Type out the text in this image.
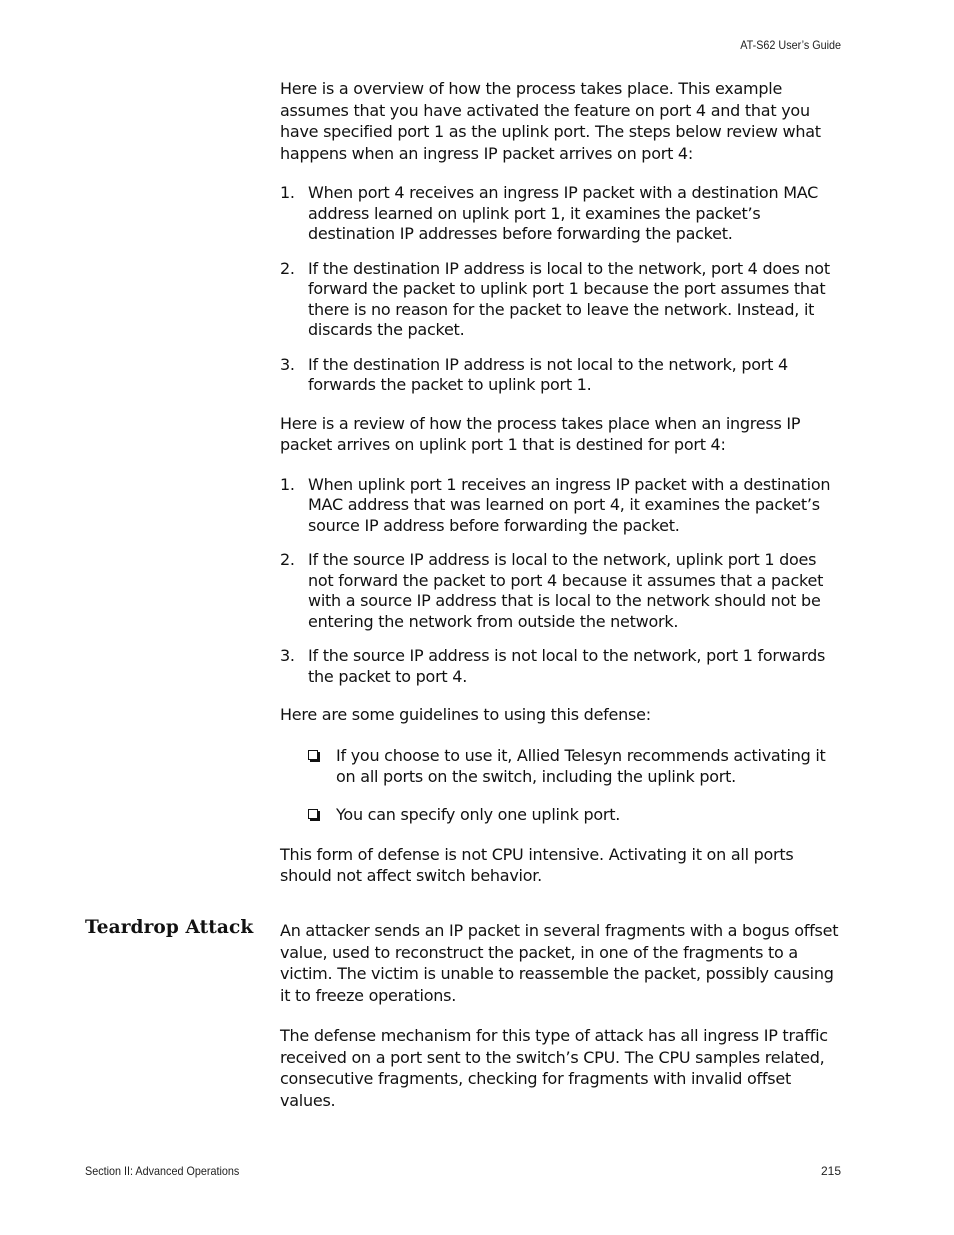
AT-S62 User’s Guide

Here is a overview of how the process takes place. This example assumes that you have activated the feature on port 4 and that you have specified port 1 as the uplink port. The steps below review what happens when an ingress IP packet arrives on port 4:

1. When port 4 receives an ingress IP packet with a destination MAC address learned on uplink port 1, it examines the packet’s destination IP addresses before forwarding the packet.
2. If the destination IP address is local to the network, port 4 does not forward the packet to uplink port 1 because the port assumes that there is no reason for the packet to leave the network. Instead, it discards the packet.
3. If the destination IP address is not local to the network, port 4 forwards the packet to uplink port 1.

Here is a review of how the process takes place when an ingress IP packet arrives on uplink port 1 that is destined for port 4:

1. When uplink port 1 receives an ingress IP packet with a destination MAC address that was learned on port 4, it examines the packet’s source IP address before forwarding the packet.
2. If the source IP address is local to the network, uplink port 1 does not forward the packet to port 4 because it assumes that a packet with a source IP address that is local to the network should not be entering the network from outside the network.
3. If the source IP address is not local to the network, port 1 forwards the packet to port 4.

Here are some guidelines to using this defense:

If you choose to use it, Allied Telesyn recommends activating it on all ports on the switch, including the uplink port.
You can specify only one uplink port.

This form of defense is not CPU intensive. Activating it on all ports should not affect switch behavior.

Teardrop Attack An attacker sends an IP packet in several fragments with a bogus offset value, used to reconstruct the packet, in one of the fragments to a victim. The victim is unable to reassemble the packet, possibly causing it to freeze operations.

The defense mechanism for this type of attack has all ingress IP traffic received on a port sent to the switch’s CPU. The CPU samples related, consecutive fragments, checking for fragments with invalid offset values.

Section II: Advanced Operations	215
